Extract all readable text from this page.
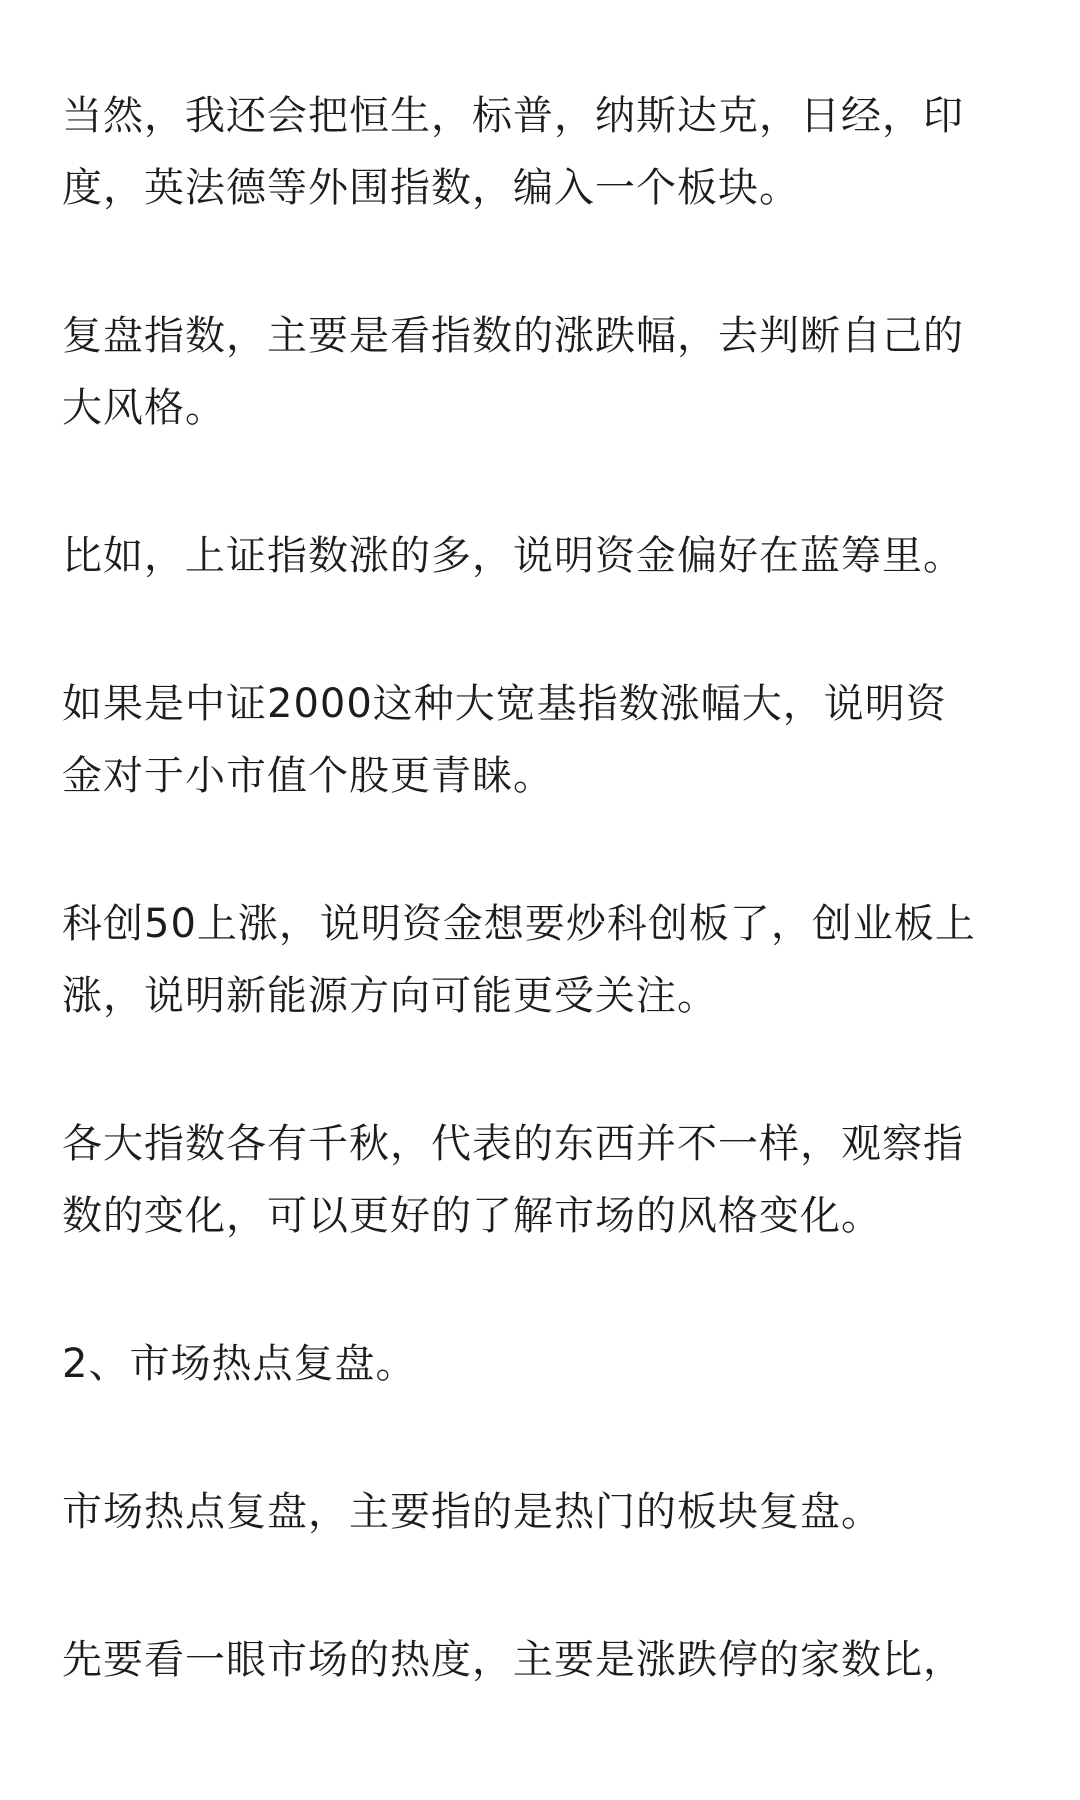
当然，我还会把恒生，标普，纳斯达克，日经，印
度，英法德等外围指数，编入一个板块。

复盘指数，主要是看指数的涨跌幅，去判断自己的
大风格。

比如，上证指数涨的多，说明资金偏好在蓝筹里。

如果是中证2000这种大宽基指数涨幅大，说明资
金对于小市值个股更青睐。

科创50上涨，说明资金想要炒科创板了，创业板上
涨，说明新能源方向可能更受关注。

各大指数各有千秋，代表的东西并不一样，观察指
数的变化，可以更好的了解市场的风格变化。

2、市场热点复盘。

市场热点复盘，主要指的是热门的板块复盘。

先要看一眼市场的热度，主要是涨跌停的家数比，
